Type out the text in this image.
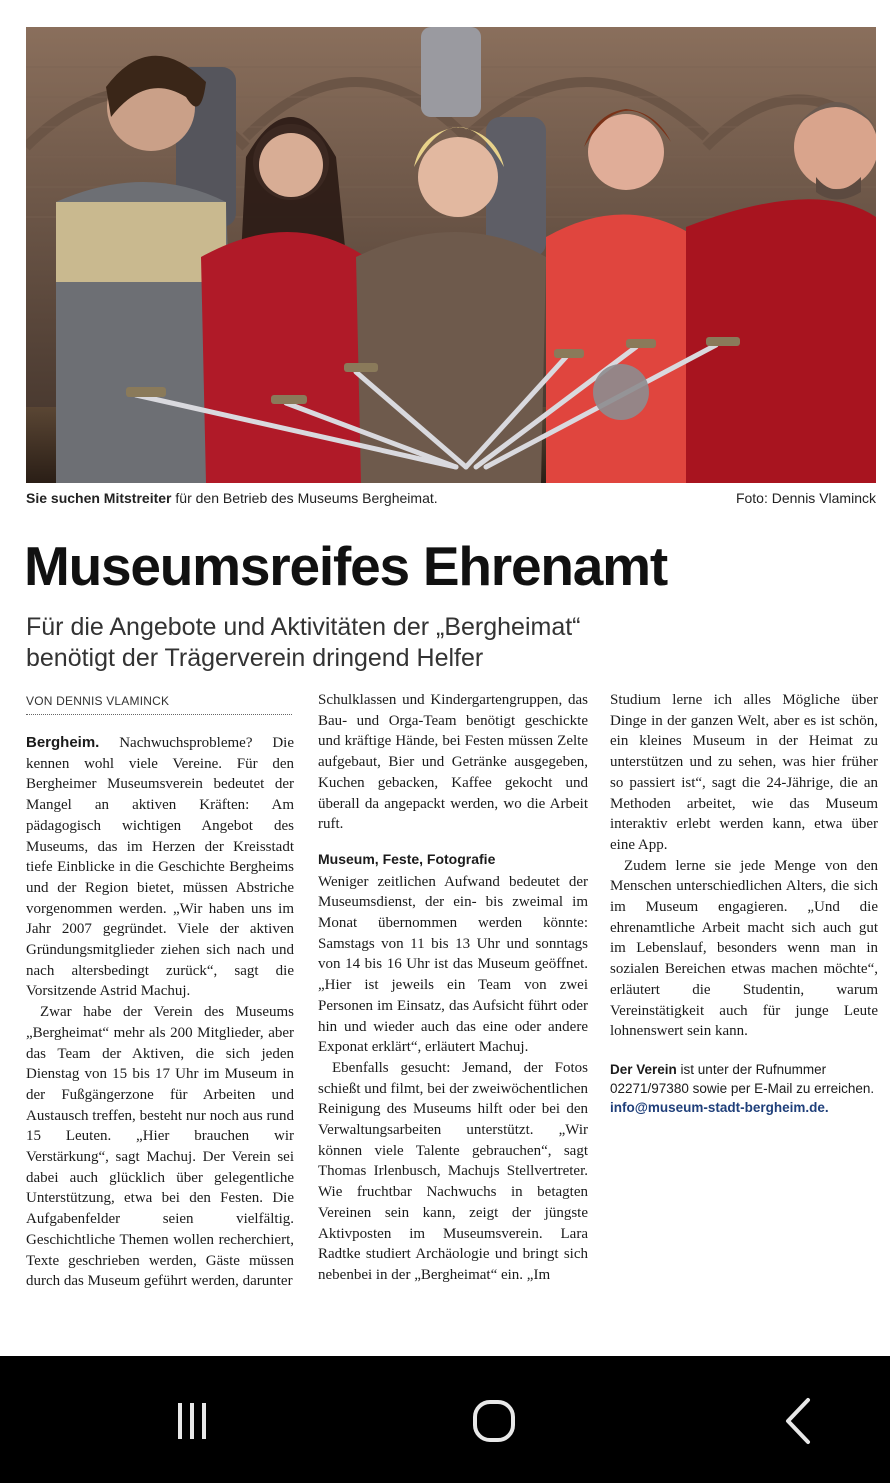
Sie suchen Mitstreiter für den Betrieb des Museums Bergheimat.	Foto: Dennis Vlaminck
Museumsreifes Ehrenamt
Für die Angebote und Aktivitäten der „Bergheimat“
benötigt der Trägerverein dringend Helfer
VON DENNIS VLAMINCK

Bergheim. Nachwuchsprobleme? Die kennen wohl viele Vereine. Für den Bergheimer Museumsverein bedeutet der Mangel an aktiven Kräften: Am pädagogisch wichtigen Angebot des Museums, das im Herzen der Kreisstadt tiefe Einblicke in die Geschichte Bergheims und der Region bietet, müssen Abstriche vorgenommen werden. „Wir haben uns im Jahr 2007 gegründet. Viele der aktiven Gründungsmitglieder ziehen sich nach und nach altersbedingt zurück“, sagt die Vorsitzende Astrid Machuj.

Zwar habe der Verein des Museums „Bergheimat“ mehr als 200 Mitglieder, aber das Team der Aktiven, die sich jeden Dienstag von 15 bis 17 Uhr im Museum in der Fußgängerzone für Arbeiten und Austausch treffen, besteht nur noch aus rund 15 Leuten. „Hier brauchen wir Verstärkung“, sagt Machuj. Der Verein sei dabei auch glücklich über gelegentliche Unterstützung, etwa bei den Festen. Die Aufgabenfelder seien vielfältig. Geschichtliche Themen wollen recherchiert, Texte geschrieben werden, Gäste müssen durch das Museum geführt werden, darunter

Schulklassen und Kindergartengruppen, das Bau- und Orga-Team benötigt geschickte und kräftige Hände, bei Festen müssen Zelte aufgebaut, Bier und Getränke ausgegeben, Kuchen gebacken, Kaffee gekocht und überall da angepackt werden, wo die Arbeit ruft.

Museum, Feste, Fotografie

Weniger zeitlichen Aufwand bedeutet der Museumsdienst, der ein- bis zweimal im Monat übernommen werden könnte: Samstags von 11 bis 13 Uhr und sonntags von 14 bis 16 Uhr ist das Museum geöffnet. „Hier ist jeweils ein Team von zwei Personen im Einsatz, das Aufsicht führt oder hin und wieder auch das eine oder andere Exponat erklärt“, erläutert Machuj.

Ebenfalls gesucht: Jemand, der Fotos schießt und filmt, bei der zweiwöchentlichen Reinigung des Museums hilft oder bei den Verwaltungsarbeiten unterstützt. „Wir können viele Talente gebrauchen“, sagt Thomas Irlenbusch, Machujs Stellvertreter. Wie fruchtbar Nachwuchs in betagten Vereinen sein kann, zeigt der jüngste Aktivposten im Museumsverein. Lara Radtke studiert Archäologie und bringt sich nebenbei in der „Bergheimat“ ein. „Im

Studium lerne ich alles Mögliche über Dinge in der ganzen Welt, aber es ist schön, ein kleines Museum in der Heimat zu unterstützen und zu sehen, was hier früher so passiert ist“, sagt die 24-Jährige, die an Methoden arbeitet, wie das Museum interaktiv erlebt werden kann, etwa über eine App.

Zudem lerne sie jede Menge von den Menschen unterschiedlichen Alters, die sich im Museum engagieren. „Und die ehrenamtliche Arbeit macht sich auch gut im Lebenslauf, besonders wenn man in sozialen Bereichen etwas machen möchte“, erläutert die Studentin, warum Vereinstätigkeit auch für junge Leute lohnenswert sein kann.

Der Verein ist unter der Rufnummer 02271/97380 sowie per E-Mail zu erreichen.
info@museum-stadt-bergheim.de.
